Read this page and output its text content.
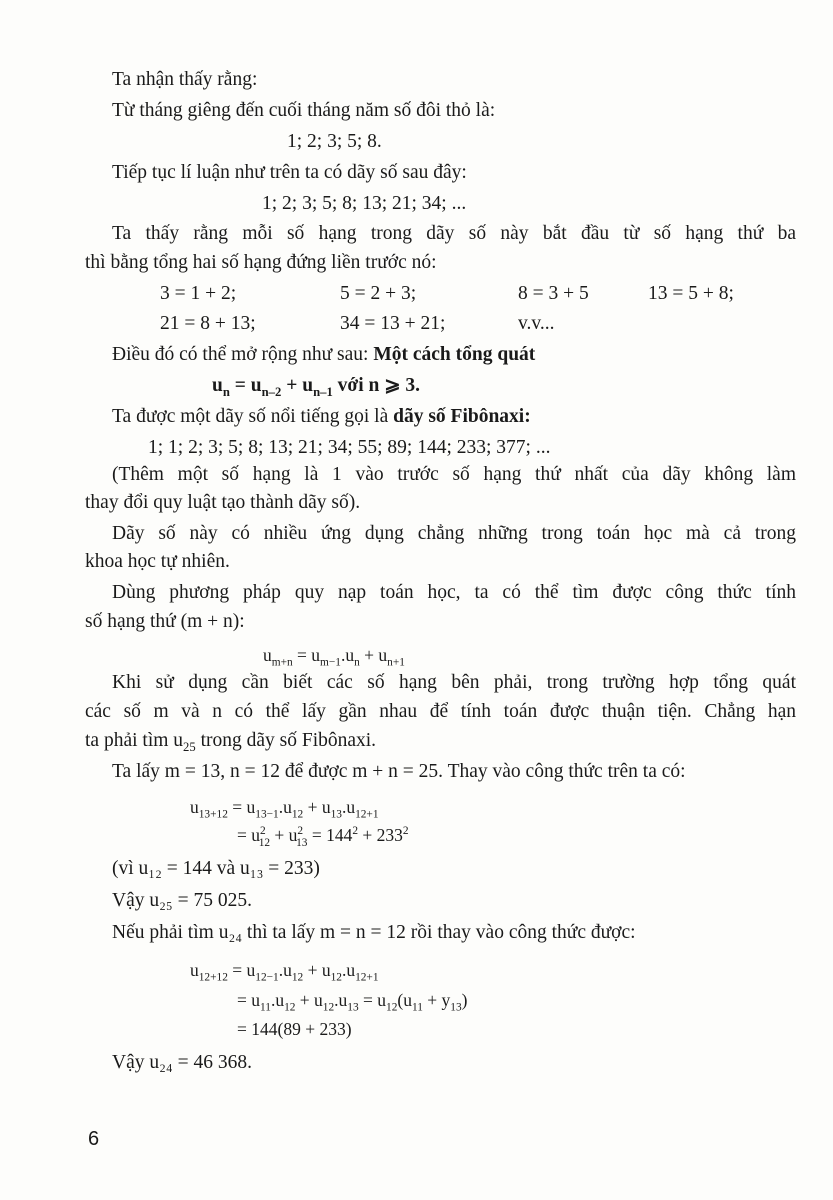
Ta nhận thấy rằng:
Từ tháng giêng đến cuối tháng năm số đôi thỏ là:
1; 2; 3; 5; 8.
Tiếp tục lí luận như trên ta có dãy số sau đây:
1; 2; 3; 5; 8; 13; 21; 34; ...
Ta thấy rằng mỗi số hạng trong dãy số này bắt đầu từ số hạng thứ ba
thì bằng tổng hai số hạng đứng liền trước nó:
3 = 1 + 2;	5 = 2 + 3;	8 = 3 + 5	13 = 5 + 8;
21 = 8 + 13;	34 = 13 + 21;	v.v...
Điều đó có thể mở rộng như sau: Một cách tổng quát
$u_n = u_{n-2} + u_{n-1}$ với n ⩾ 3.
Ta được một dãy số nổi tiếng gọi là dãy số Fibônaxi:
1; 1; 2; 3; 5; 8; 13; 21; 34; 55; 89; 144; 233; 377; ...
(Thêm một số hạng là 1 vào trước số hạng thứ nhất của dãy không làm
thay đổi quy luật tạo thành dãy số).
Dãy số này có nhiều ứng dụng chẳng những trong toán học mà cả trong
khoa học tự nhiên.
Dùng phương pháp quy nạp toán học, ta có thể tìm được công thức tính
số hạng thứ (m + n):
$u_{m+n} = u_{m-1}.u_n + u_{n+1}$
Khi sử dụng cần biết các số hạng bên phải, trong trường hợp tổng quát
các số m và n có thể lấy gần nhau để tính toán được thuận tiện. Chẳng hạn
ta phải tìm $u_{25}$ trong dãy số Fibônaxi.
Ta lấy m = 13, n = 12 để được m + n = 25. Thay vào công thức trên ta có:
$u_{13+12} = u_{13-1}.u_{12} + u_{13}.u_{12+1}$
= $u^2_{12} + u^2_{13} = 144^2 + 233^2$
(vì u₁₂ = 144 và u₁₃ = 233)
Vậy u₂₅ = 75 025.
Nếu phải tìm u₂₄ thì ta lấy m = n = 12 rồi thay vào công thức được:
$u_{12+12} = u_{12-1}.u_{12} + u_{12}.u_{12+1}$
= $u_{11}.u_{12} + u_{12}.u_{13} = u_{12}(u_{11} + y_{13})$
= 144(89 + 233)
Vậy u₂₄ = 46 368.
6
